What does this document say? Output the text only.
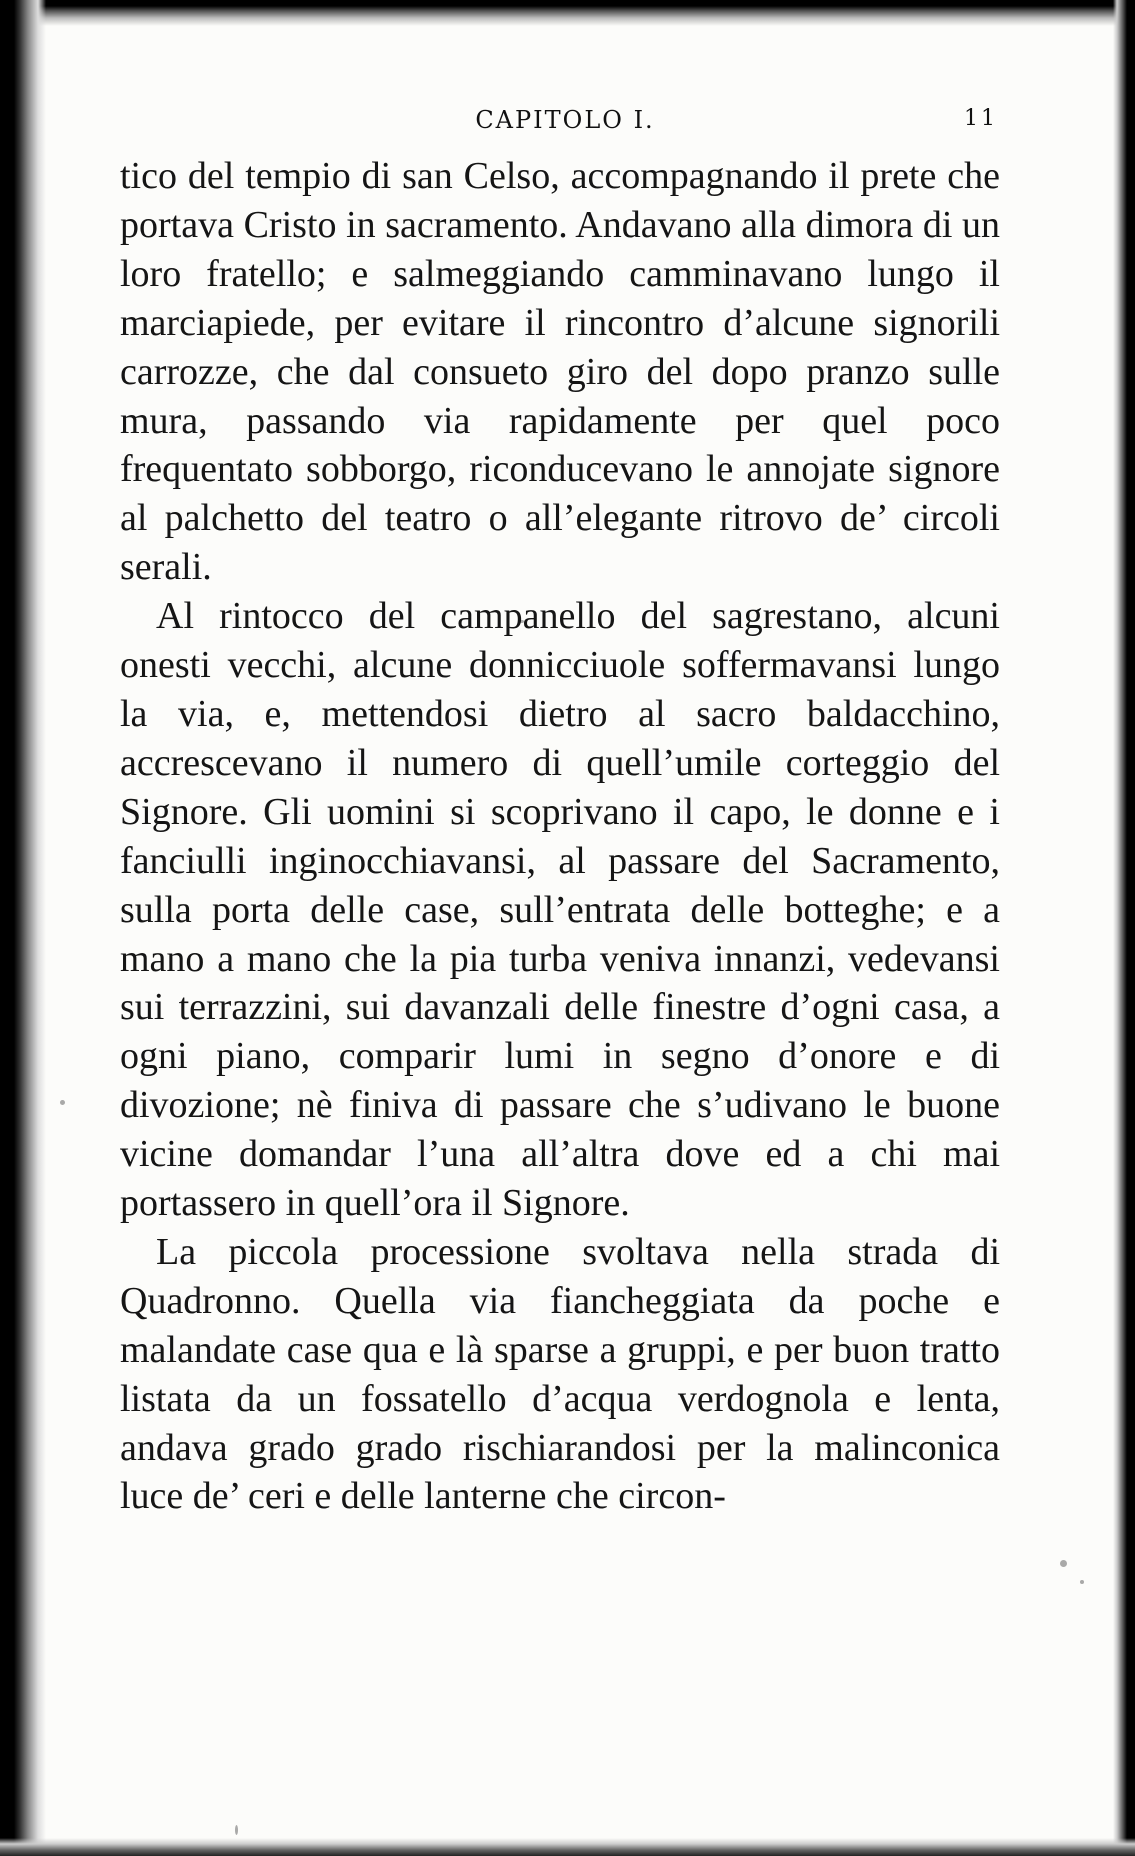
CAPITOLO I.	11

tico del tempio di san Celso, accompagnando il prete che portava Cristo in sacramento. Andavano alla dimora di un loro fratello; e salmeggiando camminavano lungo il marciapiede, per evitare il rincontro d’alcune signorili carrozze, che dal consueto giro del dopo pranzo sulle mura, passando via rapidamente per quel poco frequentato sobborgo, riconducevano le annojate signore al palchetto del teatro o all’elegante ritrovo de’ circoli serali.

Al rintocco del campanello del sagrestano, alcuni onesti vecchi, alcune donnicciuole soffermavansi lungo la via, e, mettendosi dietro al sacro baldacchino, accrescevano il numero di quell’umile corteggio del Signore. Gli uomini si scoprivano il capo, le donne e i fanciulli inginocchiavansi, al passare del Sacramento, sulla porta delle case, sull’entrata delle botteghe; e a mano a mano che la pia turba veniva innanzi, vedevansi sui terrazzini, sui davanzali delle finestre d’ogni casa, a ogni piano, comparir lumi in segno d’onore e di divozione; nè finiva di passare che s’udivano le buone vicine domandar l’una all’altra dove ed a chi mai portassero in quell’ora il Signore.

La piccola processione svoltava nella strada di Quadronno. Quella via fiancheggiata da poche e malandate case qua e là sparse a gruppi, e per buon tratto listata da un fossatello d’acqua verdognola e lenta, andava grado grado rischiarandosi per la malinconica luce de’ ceri e delle lanterne che circon-
